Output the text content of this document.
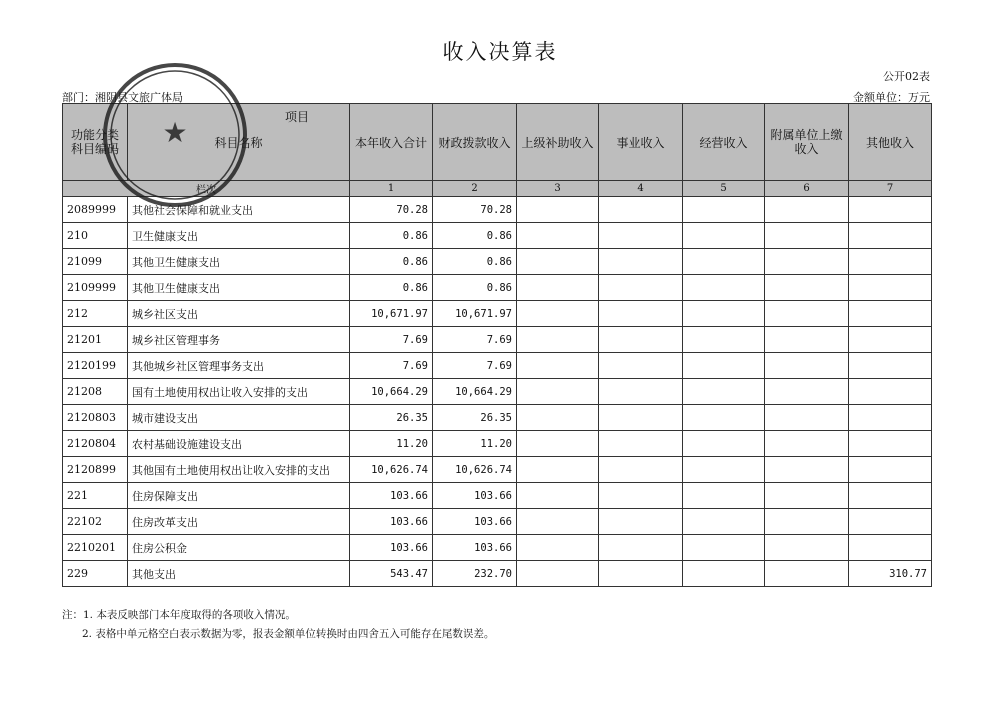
收入决算表
公开02表
部门：湘阴县文旅广体局	金额单位：万元
功能分类科目编码	项目
科目名称	本年收入合计	财政拨款收入	上级补助收入	事业收入	经营收入	附属单位上缴收入	其他收入
栏次		1	2	3	4	5	6	7
2089999	其他社会保障和就业支出	70.28	70.28					
210	卫生健康支出	0.86	0.86					
21099	其他卫生健康支出	0.86	0.86					
2109999	其他卫生健康支出	0.86	0.86					
212	城乡社区支出	10,671.97	10,671.97					
21201	城乡社区管理事务	7.69	7.69					
2120199	其他城乡社区管理事务支出	7.69	7.69					
21208	国有土地使用权出让收入安排的支出	10,664.29	10,664.29					
2120803	城市建设支出	26.35	26.35					
2120804	农村基础设施建设支出	11.20	11.20					
2120899	其他国有土地使用权出让收入安排的支出	10,626.74	10,626.74					
221	住房保障支出	103.66	103.66					
22102	住房改革支出	103.66	103.66					
2210201	住房公积金	103.66	103.66					
229	其他支出	543.47	232.70					310.77
注：1. 本表反映部门本年度取得的各项收入情况。
2. 表格中单元格空白表示数据为零，报表金额单位转换时由四舍五入可能存在尾数误差。
★
